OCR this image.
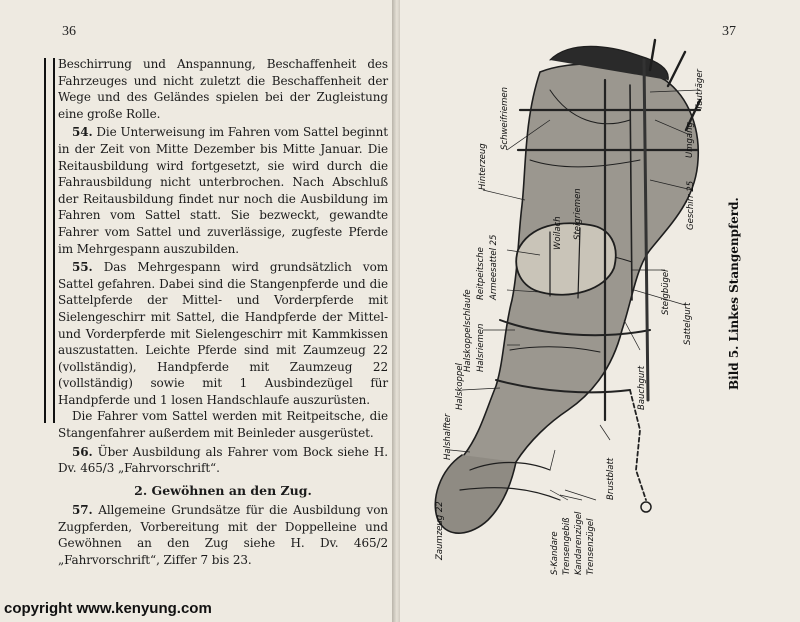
36

Beschirrung und Anspannung, Beschaffenheit des Fahrzeuges und nicht zuletzt die Beschaffenheit der Wege und des Geländes spielen bei der Zugleistung eine große Rolle.

54. Die Unterweisung im Fahren vom Sattel beginnt in der Zeit von Mitte Dezember bis Mitte Januar. Die Reitausbildung wird fortgesetzt, sie wird durch die Fahrausbildung nicht unterbrochen. Nach Abschluß der Reitausbildung findet nur noch die Ausbildung im Fahren vom Sattel statt. Sie bezweckt, gewandte Fahrer vom Sattel und zuverlässige, zugfeste Pferde im Mehrgespann auszubilden.

55. Das Mehrgespann wird grundsätzlich vom Sattel gefahren. Dabei sind die Stangenpferde und die Sattelpferde der Mittel- und Vorderpferde mit Sielengeschirr mit Sattel, die Handpferde der Mittel- und Vorderpferde mit Sielengeschirr mit Kammkissen auszustatten. Leichte Pferde sind mit Zaumzeug 22 (vollständig), Handpferde mit Zaumzeug 22 (vollständig) sowie mit 1 Ausbindezügel für Handpferde und 1 losen Handschlaufe auszurüsten.

Die Fahrer vom Sattel werden mit Reitpeitsche, die Stangenfahrer außerdem mit Beinleder ausgerüstet.

56. Über Ausbildung als Fahrer vom Bock siehe H. Dv. 465/3 „Fahrvorschrift“.

2. Gewöhnen an den Zug.

57. Allgemeine Grundsätze für die Ausbildung von Zugpferden, Vorbereitung mit der Doppelleine und Gewöhnen an den Zug siehe H. Dv. 465/2 „Fahrvorschrift“, Ziffer 7 bis 23.

copyright www.kenyung.com
37
Schweifriemen
Hinterzeug
Reitpeitsche Armeesattel 25
Halskoppelschlaufe Halsriemen
Halskoppel
Halshalfter
Zaumzeug 22	S-Kandare Trensengebiß Kandarenzügel Trensenzügel
Brustblatt
Bauchgurt
Steigbügel
Sattelgurt
Woilach Steigriemen	Geschirr 25
Umgang
Tauträger
Bild 5. Linkes Stangenpferd.
